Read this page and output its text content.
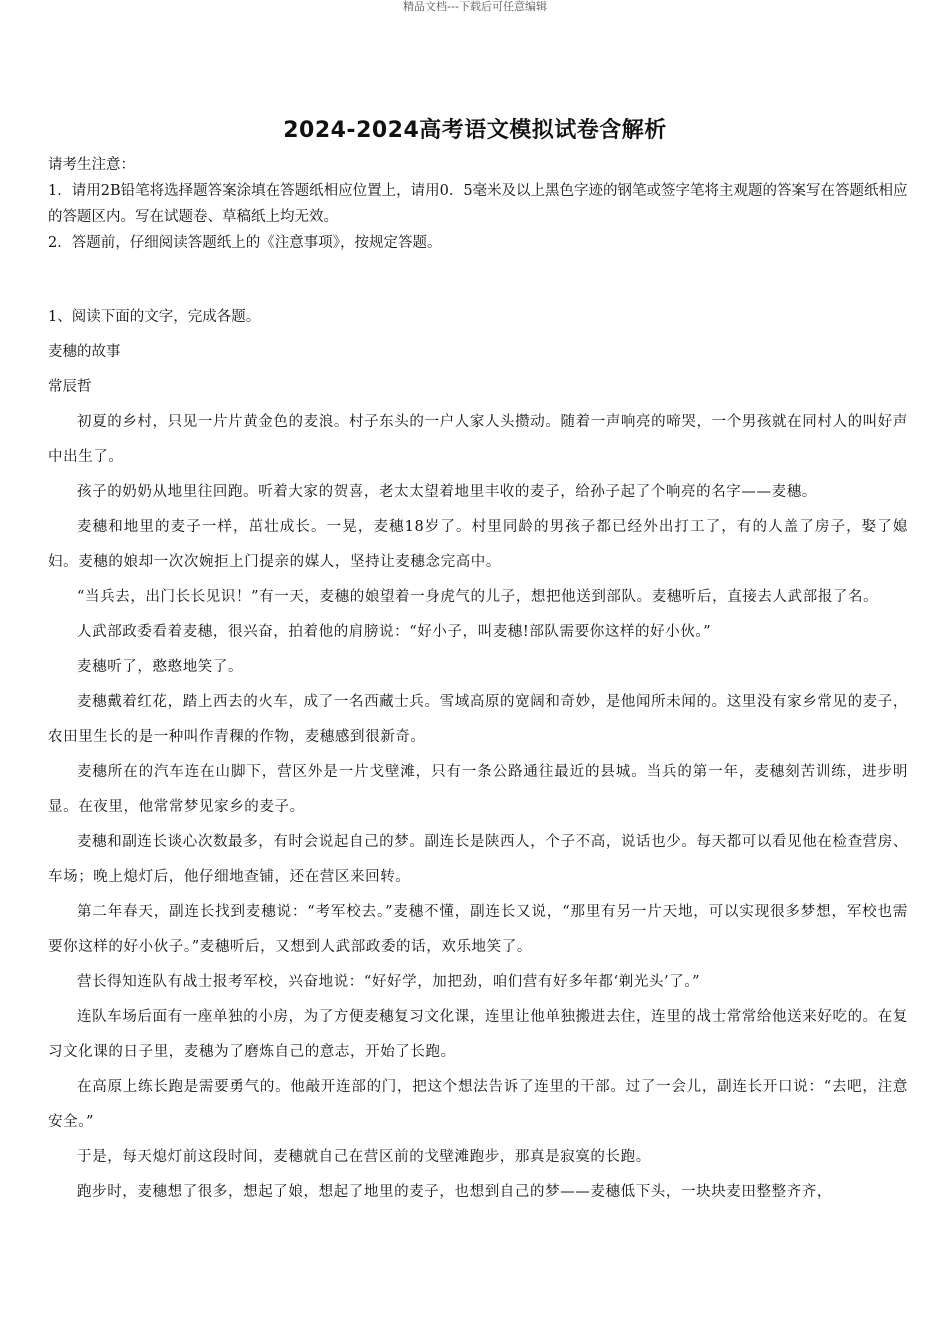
精品文档---下载后可任意编辑
2024-2024高考语文模拟试卷含解析

请考生注意：

1．请用2B铅笔将选择题答案涂填在答题纸相应位置上，请用0．5毫米及以上黑色字迹的钢笔或签字笔将主观题的答案写在答题纸相应的答题区内。写在试题卷、草稿纸上均无效。

2．答题前，仔细阅读答题纸上的《注意事项》，按规定答题。

1、阅读下面的文字，完成各题。

麦穗的故事

常辰哲

初夏的乡村，只见一片片黄金色的麦浪。村子东头的一户人家人头攒动。随着一声响亮的啼哭，一个男孩就在同村人的叫好声中出生了。

孩子的奶奶从地里往回跑。听着大家的贺喜，老太太望着地里丰收的麦子，给孙子起了个响亮的名字——麦穗。

麦穗和地里的麦子一样，茁壮成长。一晃，麦穗18岁了。村里同龄的男孩子都已经外出打工了，有的人盖了房子，娶了媳妇。麦穗的娘却一次次婉拒上门提亲的媒人，坚持让麦穗念完高中。

“当兵去，出门长长见识！”有一天，麦穗的娘望着一身虎气的儿子，想把他送到部队。麦穗听后，直接去人武部报了名。

人武部政委看着麦穗，很兴奋，拍着他的肩膀说：“好小子，叫麦穗!部队需要你这样的好小伙。”

麦穗听了，憨憨地笑了。

麦穗戴着红花，踏上西去的火车，成了一名西藏士兵。雪域高原的宽阔和奇妙，是他闻所未闻的。这里没有家乡常见的麦子，农田里生长的是一种叫作青稞的作物，麦穗感到很新奇。

麦穗所在的汽车连在山脚下，营区外是一片戈壁滩，只有一条公路通往最近的县城。当兵的第一年，麦穗刻苦训练，进步明显。在夜里，他常常梦见家乡的麦子。

麦穗和副连长谈心次数最多，有时会说起自己的梦。副连长是陕西人，个子不高，说话也少。每天都可以看见他在检查营房、车场；晚上熄灯后，他仔细地查铺，还在营区来回转。

第二年春天，副连长找到麦穗说：“考军校去。”麦穗不懂，副连长又说，“那里有另一片天地，可以实现很多梦想，军校也需要你这样的好小伙子。”麦穗听后，又想到人武部政委的话，欢乐地笑了。

营长得知连队有战士报考军校，兴奋地说：“好好学，加把劲，咱们营有好多年都‘剃光头’了。”

连队车场后面有一座单独的小房，为了方便麦穗复习文化课，连里让他单独搬进去住，连里的战士常常给他送来好吃的。在复习文化课的日子里，麦穗为了磨炼自己的意志，开始了长跑。

在高原上练长跑是需要勇气的。他敲开连部的门，把这个想法告诉了连里的干部。过了一会儿，副连长开口说：“去吧，注意安全。”

于是，每天熄灯前这段时间，麦穗就自己在营区前的戈壁滩跑步，那真是寂寞的长跑。

跑步时，麦穗想了很多，想起了娘，想起了地里的麦子，也想到自己的梦——麦穗低下头，一块块麦田整整齐齐，
